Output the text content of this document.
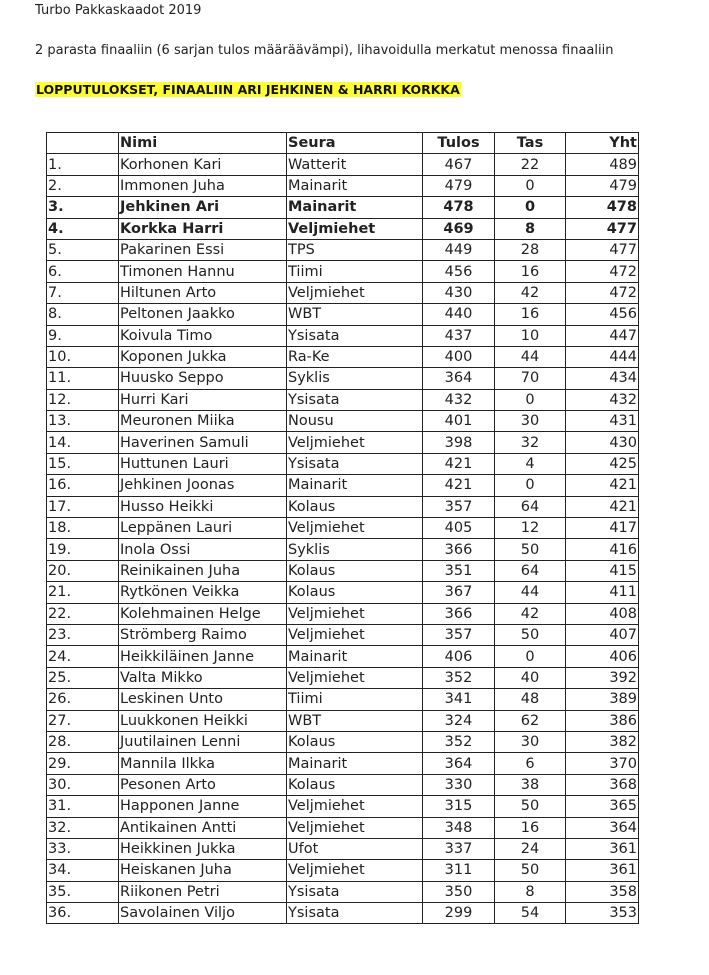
Turbo Pakkaskaadot 2019
2 parasta finaaliin (6 sarjan tulos määräävämpi), lihavoidulla merkatut menossa finaaliin
LOPPUTULOKSET, FINAALIIN ARI JEHKINEN & HARRI KORKKA
	Nimi	Seura	Tulos	Tas	Yht
1.	Korhonen Kari	Watterit	467	22	489
2.	Immonen Juha	Mainarit	479	0	479
3.	Jehkinen Ari	Mainarit	478	0	478
4.	Korkka Harri	Veljmiehet	469	8	477
5.	Pakarinen Essi	TPS	449	28	477
6.	Timonen Hannu	Tiimi	456	16	472
7.	Hiltunen Arto	Veljmiehet	430	42	472
8.	Peltonen Jaakko	WBT	440	16	456
9.	Koivula Timo	Ysisata	437	10	447
10.	Koponen Jukka	Ra-Ke	400	44	444
11.	Huusko Seppo	Syklis	364	70	434
12.	Hurri Kari	Ysisata	432	0	432
13.	Meuronen Miika	Nousu	401	30	431
14.	Haverinen Samuli	Veljmiehet	398	32	430
15.	Huttunen Lauri	Ysisata	421	4	425
16.	Jehkinen Joonas	Mainarit	421	0	421
17.	Husso Heikki	Kolaus	357	64	421
18.	Leppänen Lauri	Veljmiehet	405	12	417
19.	Inola Ossi	Syklis	366	50	416
20.	Reinikainen Juha	Kolaus	351	64	415
21.	Rytkönen Veikka	Kolaus	367	44	411
22.	Kolehmainen Helge	Veljmiehet	366	42	408
23.	Strömberg Raimo	Veljmiehet	357	50	407
24.	Heikkiläinen Janne	Mainarit	406	0	406
25.	Valta Mikko	Veljmiehet	352	40	392
26.	Leskinen Unto	Tiimi	341	48	389
27.	Luukkonen Heikki	WBT	324	62	386
28.	Juutilainen Lenni	Kolaus	352	30	382
29.	Mannila Ilkka	Mainarit	364	6	370
30.	Pesonen Arto	Kolaus	330	38	368
31.	Happonen Janne	Veljmiehet	315	50	365
32.	Antikainen Antti	Veljmiehet	348	16	364
33.	Heikkinen Jukka	Ufot	337	24	361
34.	Heiskanen Juha	Veljmiehet	311	50	361
35.	Riikonen Petri	Ysisata	350	8	358
36.	Savolainen Viljo	Ysisata	299	54	353
